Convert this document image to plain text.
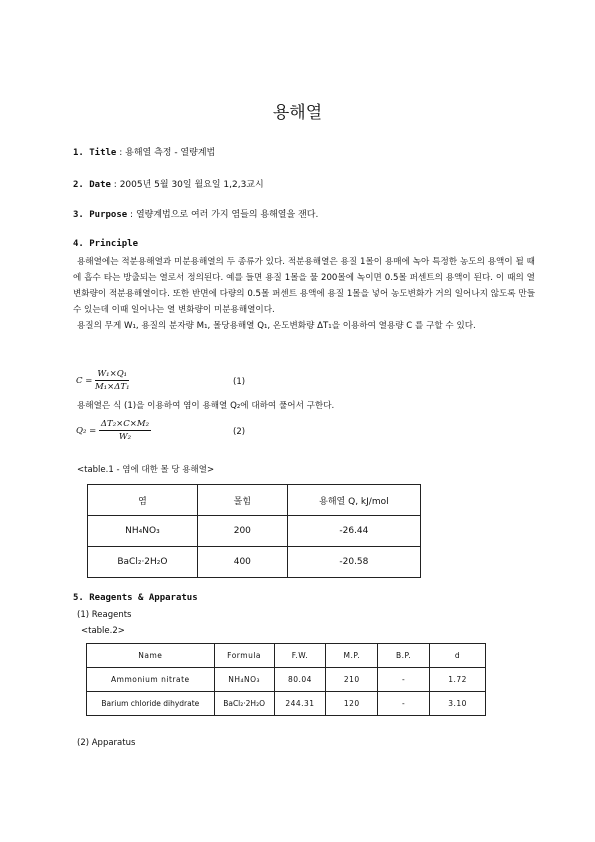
용해열
1. Title : 용해열 측정 - 열량계법
2. Date : 2005년 5월 30일 월요일 1,2,3교시
3. Purpose : 열량계법으로 여러 가지 염들의 용해열을 잰다.
4. Principle

용해열에는 적분용해열과 미분용해열의 두 종류가 있다. 적분용해열은 용질 1몰이 용매에 녹아 특정한 농도의 용액이 될 때에 흡수 타는 방출되는 열로서 정의된다. 예를 들면 용질 1몰을 물 200몰에 녹이면 0.5몰 퍼센트의 용액이 된다. 이 때의 열 변화량이 적분용해열이다. 또한 반면에 다량의 0.5몰 퍼센트 용액에 용질 1몰을 넣어 농도변화가 거의 일어나지 않도록 만들 수 있는데 이때 일어나는 열 변화량이 미분용해열이다.

용질의 무게 W₁, 용질의 분자량 M₁, 몰당용해열 Q₁, 온도변화량 ΔT₁을 이용하여 열용량 C 를 구할 수 있다.

$C = \frac{\text{W₁×Q₁}}{\text{M₁×ΔT₁}}$	(1)

용해열은 식 (1)을 이용하여 염이 용해열 Q₂에 대하여 풀어서 구한다.

$Q_2 = \frac{\text{ΔT₂×C×M₂}}{\text{W₂}}$	(2)
<table.1 - 염에 대한 몰 당 용해열>
염	몰힘	용해열 Q, kJ/mol
NH₄NO₃	200	-26.44
BaCl₂·2H₂O	400	-20.58
5. Reagents & Apparatus
(1) Reagents
<table.2>
Name	Formula	F.W.	M.P.	B.P.	d
Ammonium nitrate	NH₄NO₃	80.04	210	-	1.72
Barium chloride dihydrate	BaCl₂·2H₂O	244.31	120	-	3.10
(2) Apparatus
